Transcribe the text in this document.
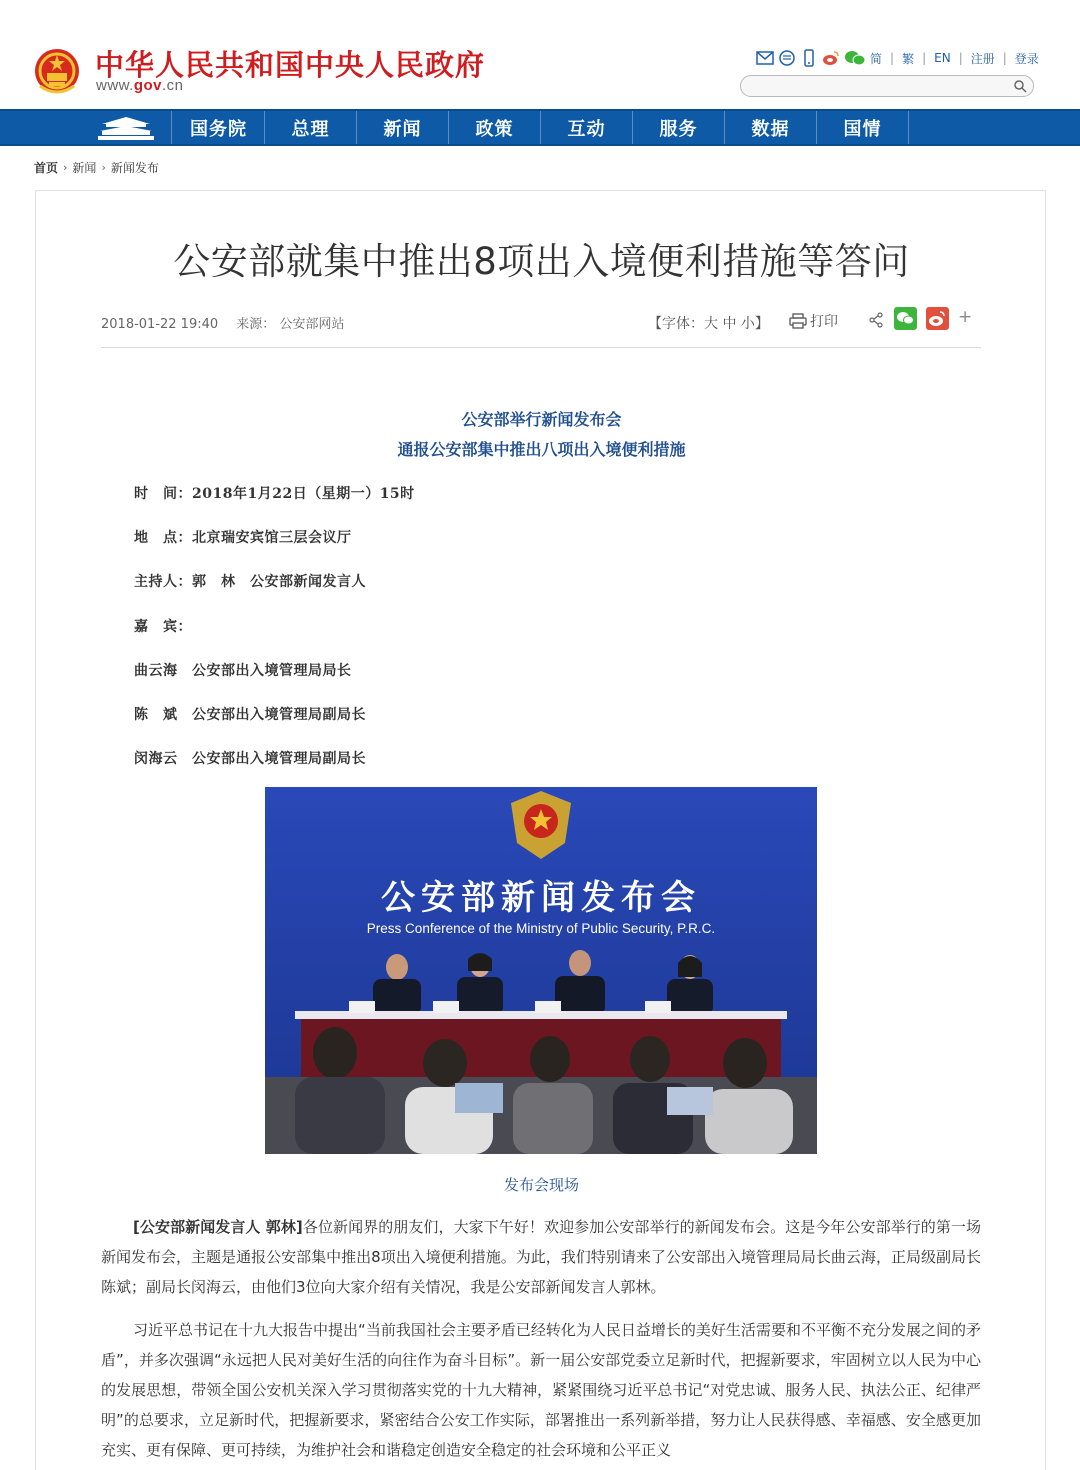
中华人民共和国中央人民政府
www.gov.cn
简 | 繁 | EN | 注册 | 登录
国务院	总理	新闻	政策	互动	服务	数据	国情
首页 › 新闻 › 新闻发布
公安部就集中推出8项出入境便利措施等答问
2018-01-22 19:40 来源： 公安部网站	【字体：大 中 小】	打印	+
公安部举行新闻发布会
通报公安部集中推出八项出入境便利措施
时　间：2018年1月22日（星期一）15时
地　点：北京瑞安宾馆三层会议厅
主持人：郭　林　公安部新闻发言人
嘉　宾：
曲云海　公安部出入境管理局局长
陈　斌　公安部出入境管理局副局长
闵海云　公安部出入境管理局副局长
公安部新闻发布会
Press Conference of the Ministry of Public Security, P.R.C.
发布会现场

[公安部新闻发言人 郭林]各位新闻界的朋友们，大家下午好！欢迎参加公安部举行的新闻发布会。这是今年公安部举行的第一场新闻发布会，主题是通报公安部集中推出8项出入境便利措施。为此，我们特别请来了公安部出入境管理局局长曲云海，正局级副局长陈斌；副局长闵海云，由他们3位向大家介绍有关情况，我是公安部新闻发言人郭林。

习近平总书记在十九大报告中提出“当前我国社会主要矛盾已经转化为人民日益增长的美好生活需要和不平衡不充分发展之间的矛盾”，并多次强调“永远把人民对美好生活的向往作为奋斗目标”。新一届公安部党委立足新时代，把握新要求，牢固树立以人民为中心的发展思想，带领全国公安机关深入学习贯彻落实党的十九大精神，紧紧围绕习近平总书记“对党忠诚、服务人民、执法公正、纪律严明”的总要求，立足新时代，把握新要求，紧密结合公安工作实际，部署推出一系列新举措，努力让人民获得感、幸福感、安全感更加充实、更有保障、更可持续，为维护社会和谐稳定创造安全稳定的社会环境和公平正义
